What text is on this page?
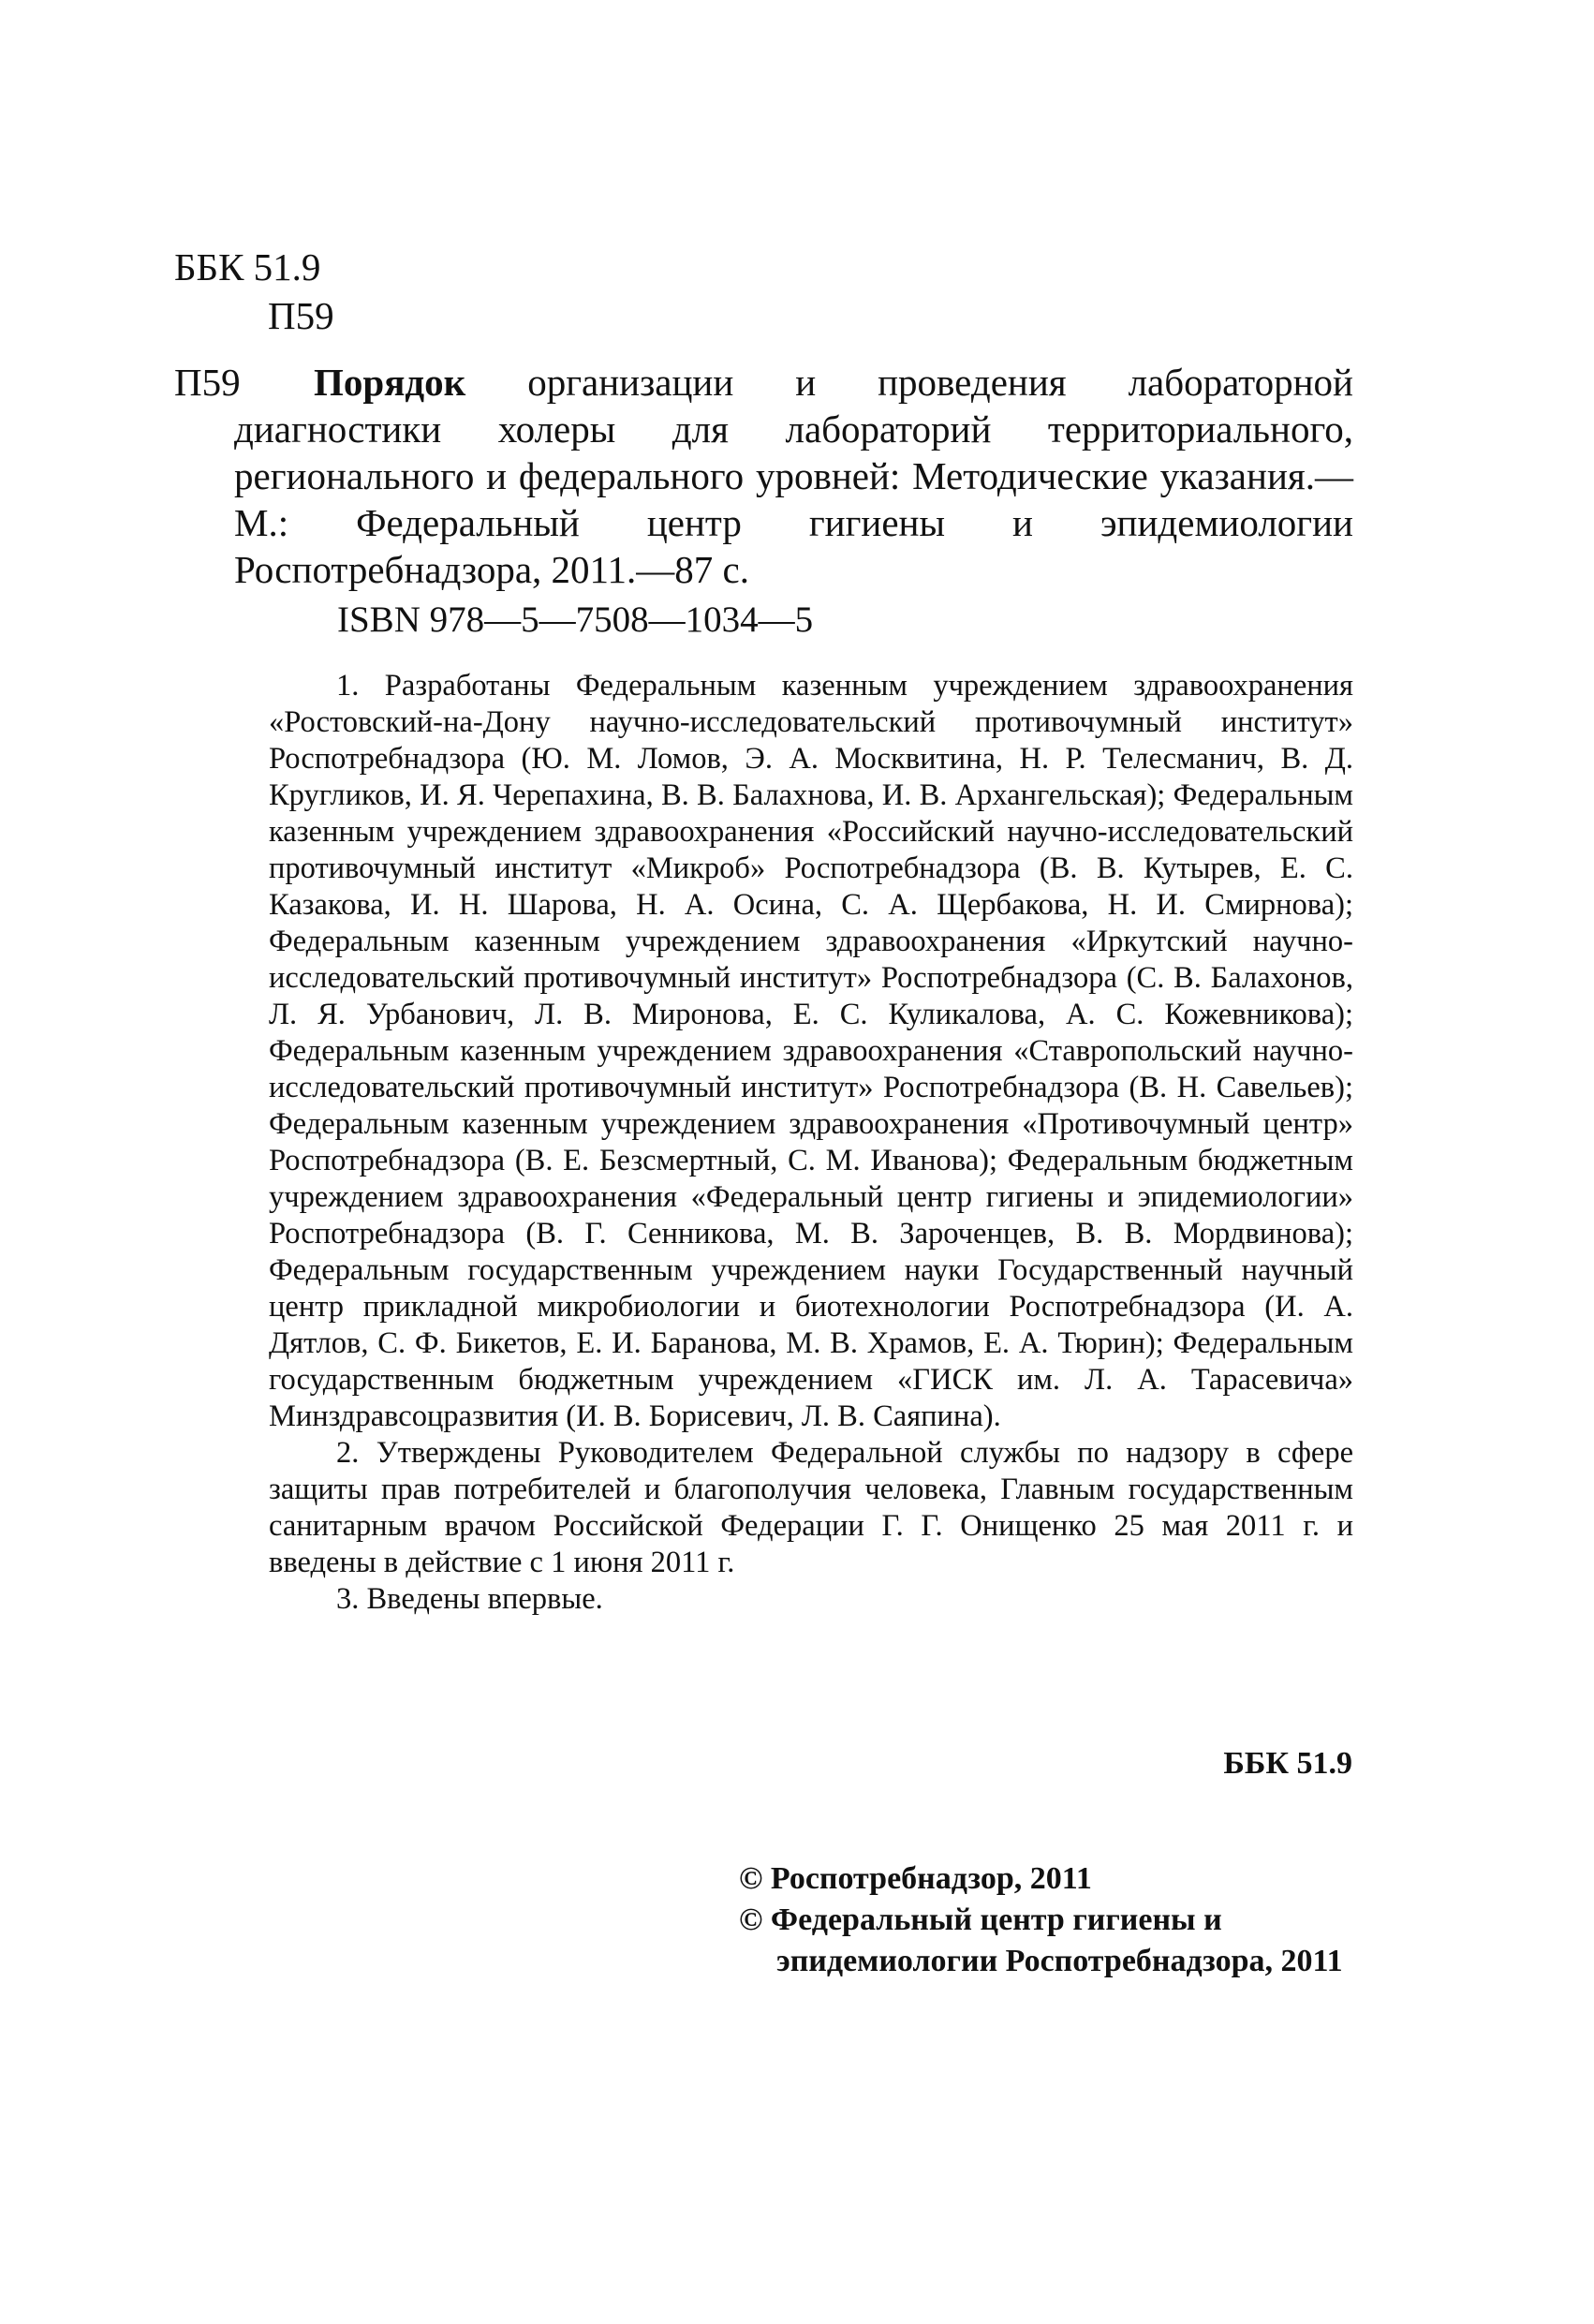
ББК 51.9
П59
П59	Порядок организации и проведения лабораторной диагностики холеры для лабораторий территориального, регионального и федерального уровней: Методические указания.—М.: Федеральный центр гигиены и эпидемиологии Роспотребнадзора, 2011.—87 с.
ISBN 978—5—7508—1034—5

1. Разработаны Федеральным казенным учреждением здравоохранения «Ростовский-на-Дону научно-исследовательский противочумный институт» Роспотребнадзора (Ю. М. Ломов, Э. А. Москвитина, Н. Р. Телесманич, В. Д. Кругликов, И. Я. Черепахина, В. В. Балахнова, И. В. Архангельская); Федеральным казенным учреждением здравоохранения «Российский научно-исследовательский противочумный институт «Микроб» Роспотребнадзора (В. В. Кутырев, Е. С. Казакова, И. Н. Шарова, Н. А. Осина, С. А. Щербакова, Н. И. Смирнова); Федеральным казенным учреждением здравоохранения «Иркутский научно-исследовательский противочумный институт» Роспотребнадзора (С. В. Балахонов, Л. Я. Урбанович, Л. В. Миронова, Е. С. Куликалова, А. С. Кожевникова); Федеральным казенным учреждением здравоохранения «Ставропольский научно-исследовательский противочумный институт» Роспотребнадзора (В. Н. Савельев); Федеральным казенным учреждением здравоохранения «Противочумный центр» Роспотребнадзора (В. Е. Безсмертный, С. М. Иванова); Федеральным бюджетным учреждением здравоохранения «Федеральный центр гигиены и эпидемиологии» Роспотребнадзора (В. Г. Сенникова, М. В. Зароченцев, В. В. Мордвинова); Федеральным государственным учреждением науки Государственный научный центр прикладной микробиологии и биотехнологии Роспотребнадзора (И. А. Дятлов, С. Ф. Бикетов, Е. И. Баранова, М. В. Храмов, Е. А. Тюрин); Федеральным государственным бюджетным учреждением «ГИСК им. Л. А. Тарасевича» Минздравсоцразвития (И. В. Борисевич, Л. В. Саяпина).

2. Утверждены Руководителем Федеральной службы по надзору в сфере защиты прав потребителей и благополучия человека, Главным государственным санитарным врачом Российской Федерации Г. Г. Онищенко 25 мая 2011 г. и введены в действие с 1 июня 2011 г.

3. Введены впервые.

ББК 51.9
© Роспотребнадзор, 2011
© Федеральный центр гигиены и
эпидемиологии Роспотребнадзора, 2011
